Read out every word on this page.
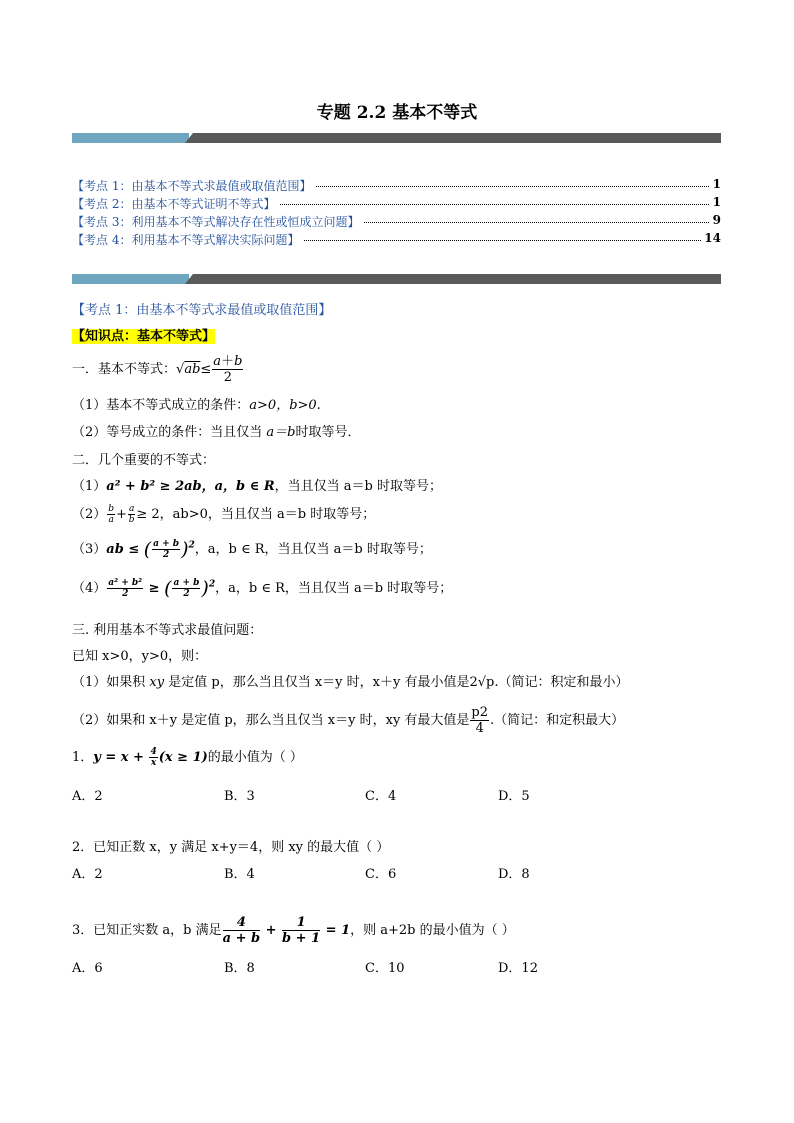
专题 2.2 基本不等式
【考点 1：由基本不等式求最值或取值范围】	1
【考点 2：由基本不等式证明不等式】	1
【考点 3：利用基本不等式解决存在性或恒成立问题】	9
【考点 4：利用基本不等式解决实际问题】	14
【考点 1：由基本不等式求最值或取值范围】
【知识点：基本不等式】
一．基本不等式：$√ab\le \frac{a+b}{2}$
（1）基本不等式成立的条件：a>0，b>0.
（2）等号成立的条件：当且仅当 a＝b时取等号．
二．几个重要的不等式：
（1）a² + b² ≥ 2ab，a，b ∈ R，当且仅当 a＝b 时取等号；
$(2) \frac{b}{a} + \frac{a}{b} \ge 2$，ab>0，当且仅当 a＝b 时取等号；
（3）ab ≤ ( $\frac{a + b}{2} )^2$，a，b ∈ R，当且仅当 a＝b 时取等号；
$(4) \frac{\text{a² + b²}}{2}$ ≥ ( $\frac{a + b}{2} )^2$，a，b ∈ R，当且仅当 a＝b 时取等号；
三. 利用基本不等式求最值问题：
已知 x>0，y>0，则：
（1）如果积 xy 是定值 p，那么当且仅当 x＝y 时，x＋y 有最小值是2√p.（简记：积定和最小）
（2）如果和 x＋y 是定值 p，那么当且仅当 x＝y 时，xy 有最大值是 $\frac{p2}{4}$ .（简记：和定积最大）
1．$y = x + \frac{4}{x} (x \ge 1)$的最小值为（ ）
A．2	B．3	C．4	D．5
2．已知正数 x，y 满足 x+y＝4，则 xy 的最大值（ ）
A．2	B．4	C．6	D．8
3．已知正实数 a，b 满足 $\frac{4}{a + b} + \frac{1}{b + 1} = 1$，则 a+2b 的最小值为（ ）
A．6	B．8	C．10	D．12
